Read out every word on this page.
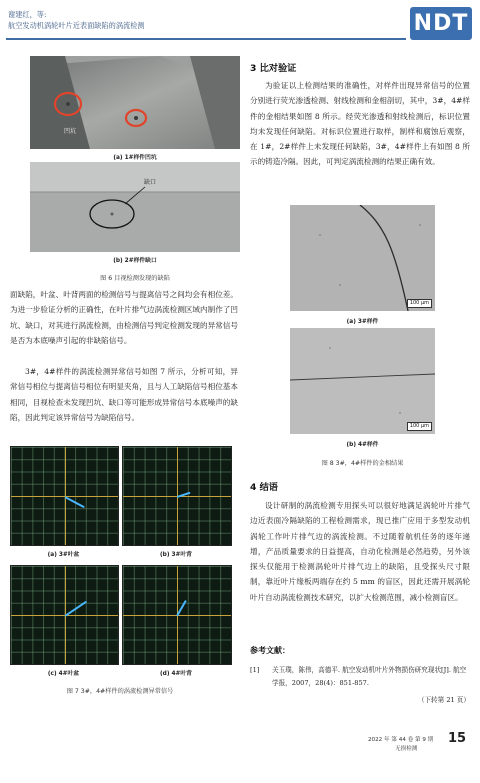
谢建红，等:
航空发动机涡轮叶片近表面缺陷的涡流检测	NDT
凹坑
(a) 1#样件凹坑
缺口
(b) 2#样件缺口
图 6 目视检测发现的缺陷

面缺陷，叶盆、叶背两面的检测信号与提离信号之间均会有相位差。为进一步验证分析的正确性，在叶片排气边涡流检测区域内制作了凹坑、缺口，对其进行涡流检测，由检测信号判定检测发现的异常信号是否为本底噪声引起的非缺陷信号。

3#，4#样件的涡流检测异常信号如图 7 所示，分析可知，异常信号相位与提离信号相位有明显夹角，且与人工缺陷信号相位基本相同，目视检查未发现凹坑、缺口等可能形成异常信号本底噪声的缺陷，因此判定该异常信号为缺陷信号。

(a) 3#叶盆	(b) 3#叶背
(c) 4#叶盆	(d) 4#叶背
图 7 3#，4#样件的涡流检测异常信号
3 比对验证

为验证以上检测结果的准确性，对样件出现异常信号的位置分别进行荧光渗透检测、射线检测和金相剖切，其中，3#，4#样件的金相结果如图 8 所示。经荧光渗透和射线检测后，标识位置均未发现任何缺陷。对标识位置进行取样，制样和腐蚀后观察，在 1#，2#样件上未发现任何缺陷，3#，4#样件上有如图 8 所示的铸造冷隔。因此，可判定涡流检测的结果正确有效。

100 μm
(a) 3#样件
100 μm
(b) 4#样件
图 8 3#，4#样件的金相结果
4 结语

设计研制的涡流检测专用探头可以很好地满足涡轮叶片排气边近表面冷隔缺陷的工程检测需求，现已推广应用于多型发动机涡轮工作叶片排气边的涡流检测。不过随着航机任务的逐年递增，产品质量要求的日益提高，自动化检测是必然趋势，另外该探头仅能用于检测涡轮叶片排气边上的缺陷，且受探头尺寸限制，靠近叶片缘板两端存在约 5 mm 的盲区，因此还需开展涡轮叶片自动涡流检测技术研究，以扩大检测范围，减小检测盲区。

参考文献：
[1] 关玉璞，陈伟，高德平. 航空发动机叶片外物损伤研究现状[J]. 航空学报，2007，28(4)：851-857.
（下转第 21 页）
2022 年 第 44 卷 第 9 期
无损检测
15
